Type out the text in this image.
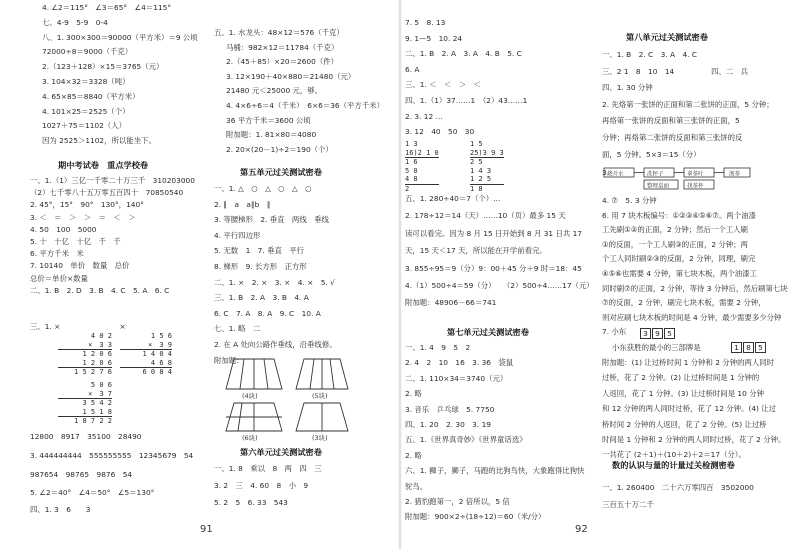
4. ∠2＝115°　∠3＝65°　∠4＝115°
七、4-9　5-9　0-4
八、1. 300×300＝90000（平方米）＝9 公顷
72000÷8＝9000（千克）
2.（123＋128）×15＝3765（元）
3. 104×32＝3328（吨）
4. 65×85＝8840（平方米）
4. 101×25＝2525（个）
1027＋75＝1102（人）
因为 2525＞1102，所以能坐下。
期中考试卷　重点学校卷
一、1.（1）三亿一千零二十万三千　310203000
（2）七千零八十五万零五百四十　70850540
2. 45°，15°　90°　130°，140°
3. ＜　＝　＞　＞　＝　＜　＞
4. 50　100　5000
5. 十　十亿　十亿　千　千
6. 平方千米　米
7. 10140　单价　数量　总价
总价＝单价×数量
二、1. B　2. D　3. B　4. C　5. A　6. C
三、1. ×　　　　　　　　×
12800　8917　35100　28490
3. 444444444　555555555　12345679　54
987654　98765　9876　54
5. ∠2＝40°　∠4＝50°　∠5＝130°
四、1. 3　6　　3
4 0 2
×　3 3
1 2 0 6
1 2 0 6
1 5 2 7 6
1 5 6
×　3 9
1 4 0 4
4 6 8
6 0 8 4
5 0 6
×　3 7
3 5 4 2
1 5 1 8
1 8 7 2 2
五、1. 水龙头：48×12＝576（千克）
马桶：982×12＝11784（千克）
2.（45＋85）×20＝2600（件）
3. 12×190＋40×880＝21480（元）
21480 元＜25000 元，够。
4. 4×6÷6＝4（千米）　6×6＝36（平方千米）
36 平方千米＝3600 公顷
附加题：1. 81×80＝4080
2. 20×(20－1)÷2＝190（个）
第五单元过关测试密卷
一、1. △　○　△　○　△　○
2. ∥　a　a∥b　∥
3. 等腰梯形　2. 垂直　两线　垂线
4. 平行四边形
5. 无数　1　7. 垂直　平行
8. 梯形　9. 长方形　正方形
二、1. ×　2. ×　3. ×　4. ×　5. √
三、1. B　2. A　3. B　4. A
6. C　7. A　8. A　9. C　10. A
七、1. 略　二
2. 在 A 处向公路作垂线，沿垂线修。
附加题：
(4块)	(5块)
(6块)	(3块)
第六单元过关测试密卷
一、1. 8　乘以　8　两　四　三
3. 2　三　4. 60　8　小　9
5. 2　5　6. 33　543
91
7. 5　8. 13
9. 1—5　10. 24
二、1. B　2. A　3. A　4. B　5. C
6. A
三、1. ＜　＜　＞　＜
四、1.（1）37……1　（2）43……1
2. 3. 12 …
3. 12　40　50　30
1 3
16)2 1 0
1 6
5 0
4 8
2
1 5
25)3 9 3
2 5
1 4 3
1 2 5
1 8
五、1. 280÷40＝7（个）…
2. 178÷12＝14（天）……10（页）最多 15 天
读可以看完。因为 8 月 15 日开始到 8 月 31 日共 17
天，15 天＜17 天，所以能在开学前看完。
3. 855÷95＝9（分）9：00＋45 分＋9 时＝18：45
4.（1）500÷4＝59（分）　　（2）500÷4……17（元）
附加题：48906－66＝741
第七单元过关测试密卷
一、1. 4　9　5　2
2. 4　2　10　16　3. 36　袋鼠
二、1. 110×34＝3740（元）
2. 略
3. 音乐　乒乓球　5. 7750
四、1. 20　2. 30　3. 19
五、1.《世界真奇妙》《世界童话选》
2. 略
六、1. 狮子，狮子，马跑的比狗鸟快，大象跑得比狗快
鸵鸟。
2. 猎豹跑第一，2 倍所以，5 倍
附加题：900×2÷(18÷12)＝60（米/分）
第八单元过关测试密卷
一、1. B　2. C　3. A　4. C
三、2 1　8　10　14　　　　　四、二　兵
四、1. 30 分钟
2. 先烙第一张饼的正面和第二张饼的正面，5 分钟；
再烙第一张饼的反面和第三张饼的正面，5
分钟；再烙第二张饼的反面和第三张饼的反
面，5 分钟。5×3＝15（分）
3.
4. ⑦　5. 3 分钟
6. 用 7 块木板编号：①②③④⑤⑥⑦。两个油漆
工先刷①②的正面，2 分钟；然后一个工人刷
①的反面，一个工人刷③的正面，2 分钟；两
个工人同时刷②③的反面，2 分钟，同理，刷完
④⑤⑥也需要 4 分钟，第七块木板，两个油漆工
同时刷⑦的正面，2 分钟，等待 3 分钟后，然后刷第七块
⑦的反面，2 分钟，刷完七块木板，需要 2 分钟，
则对应刷七块木板的时间是 4 分钟，最少需要多少分钟
7. 小东
烧开水	洗杯子	拿茶叶	沏茶
整理桌面	找茶杯
3 9 5
小东获胜的最小的三部牌是	1 8 5
附加题：(1) 让过桥时间 1 分钟和 2 分钟的两人同时
过桥，花了 2 分钟。(2) 让过桥时间是 1 分钟的
人返回，花了 1 分钟。(3) 让过桥时间是 10 分钟
和 12 分钟的两人同时过桥，花了 12 分钟。(4) 让过
桥时间 2 分钟的人返回，花了 2 分钟。(5) 让过桥
时间是 1 分钟和 2 分钟的两人同时过桥，花了 2 分钟。
一共花了 (2＋1)＋(10＋2)＋2＝17（分）。
数的认识与量的计量过关检测密卷
一、1. 260400　二十六万零四百　3502000
三百五十万二千
92
